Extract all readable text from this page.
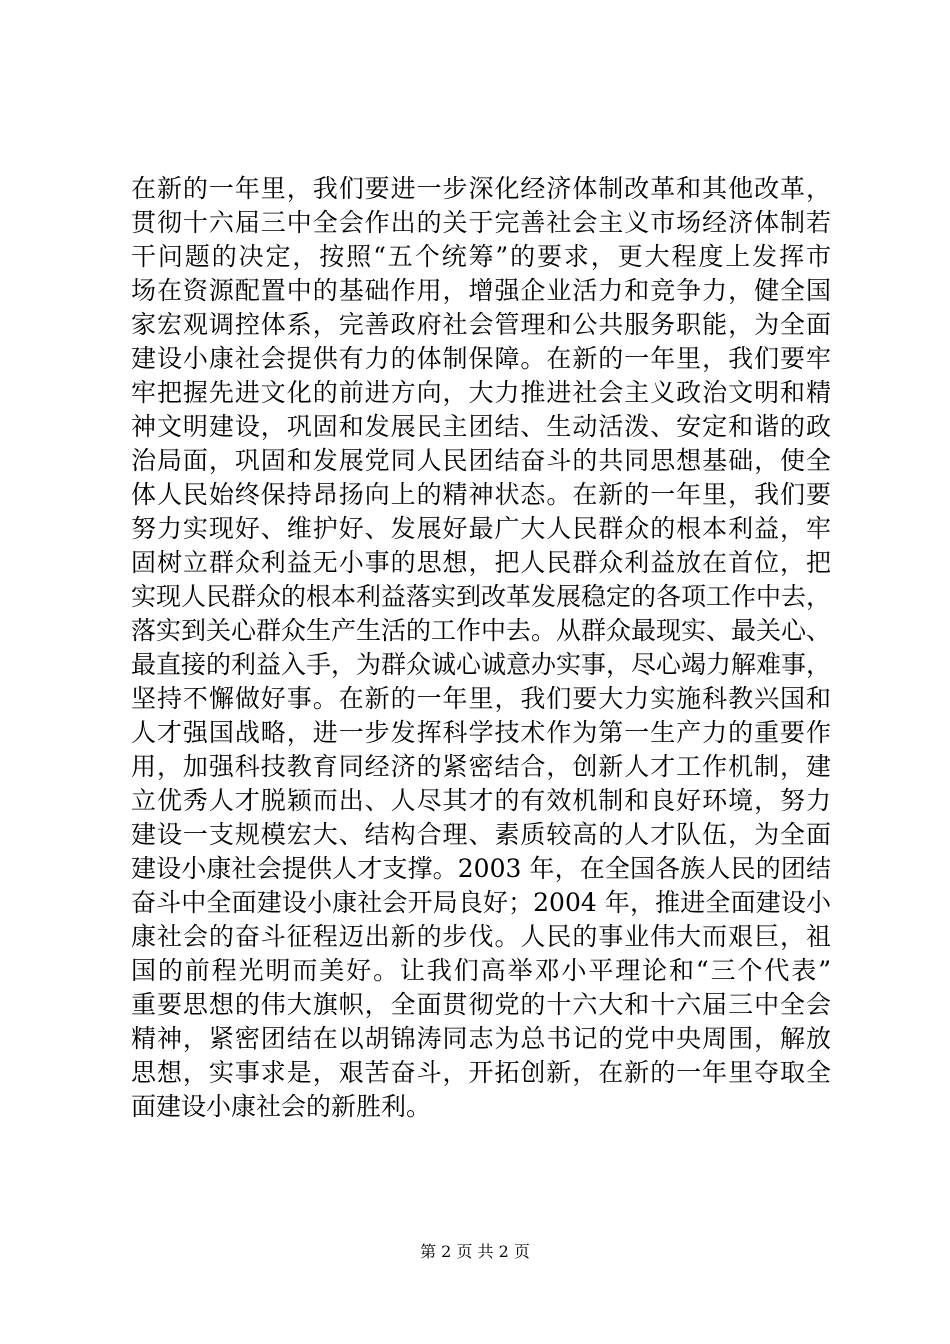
在新的一年里，我们要进一步深化经济体制改革和其他改革，
贯彻十六届三中全会作出的关于完善社会主义市场经济体制若
干问题的决定，按照“五个统筹”的要求，更大程度上发挥市
场在资源配置中的基础作用，增强企业活力和竞争力，健全国
家宏观调控体系，完善政府社会管理和公共服务职能，为全面
建设小康社会提供有力的体制保障。在新的一年里，我们要牢
牢把握先进文化的前进方向，大力推进社会主义政治文明和精
神文明建设，巩固和发展民主团结、生动活泼、安定和谐的政
治局面，巩固和发展党同人民团结奋斗的共同思想基础，使全
体人民始终保持昂扬向上的精神状态。在新的一年里，我们要
努力实现好、维护好、发展好最广大人民群众的根本利益，牢
固树立群众利益无小事的思想，把人民群众利益放在首位，把
实现人民群众的根本利益落实到改革发展稳定的各项工作中去，
落实到关心群众生产生活的工作中去。从群众最现实、最关心、
最直接的利益入手，为群众诚心诚意办实事，尽心竭力解难事，
坚持不懈做好事。在新的一年里，我们要大力实施科教兴国和
人才强国战略，进一步发挥科学技术作为第一生产力的重要作
用，加强科技教育同经济的紧密结合，创新人才工作机制，建
立优秀人才脱颖而出、人尽其才的有效机制和良好环境，努力
建设一支规模宏大、结构合理、素质较高的人才队伍，为全面
建设小康社会提供人才支撑。2003 年，在全国各族人民的团结
奋斗中全面建设小康社会开局良好；2004 年，推进全面建设小
康社会的奋斗征程迈出新的步伐。人民的事业伟大而艰巨，祖
国的前程光明而美好。让我们高举邓小平理论和“三个代表”
重要思想的伟大旗帜，全面贯彻党的十六大和十六届三中全会
精神，紧密团结在以胡锦涛同志为总书记的党中央周围，解放
思想，实事求是，艰苦奋斗，开拓创新，在新的一年里夺取全
面建设小康社会的新胜利。
第 2 页 共 2 页
